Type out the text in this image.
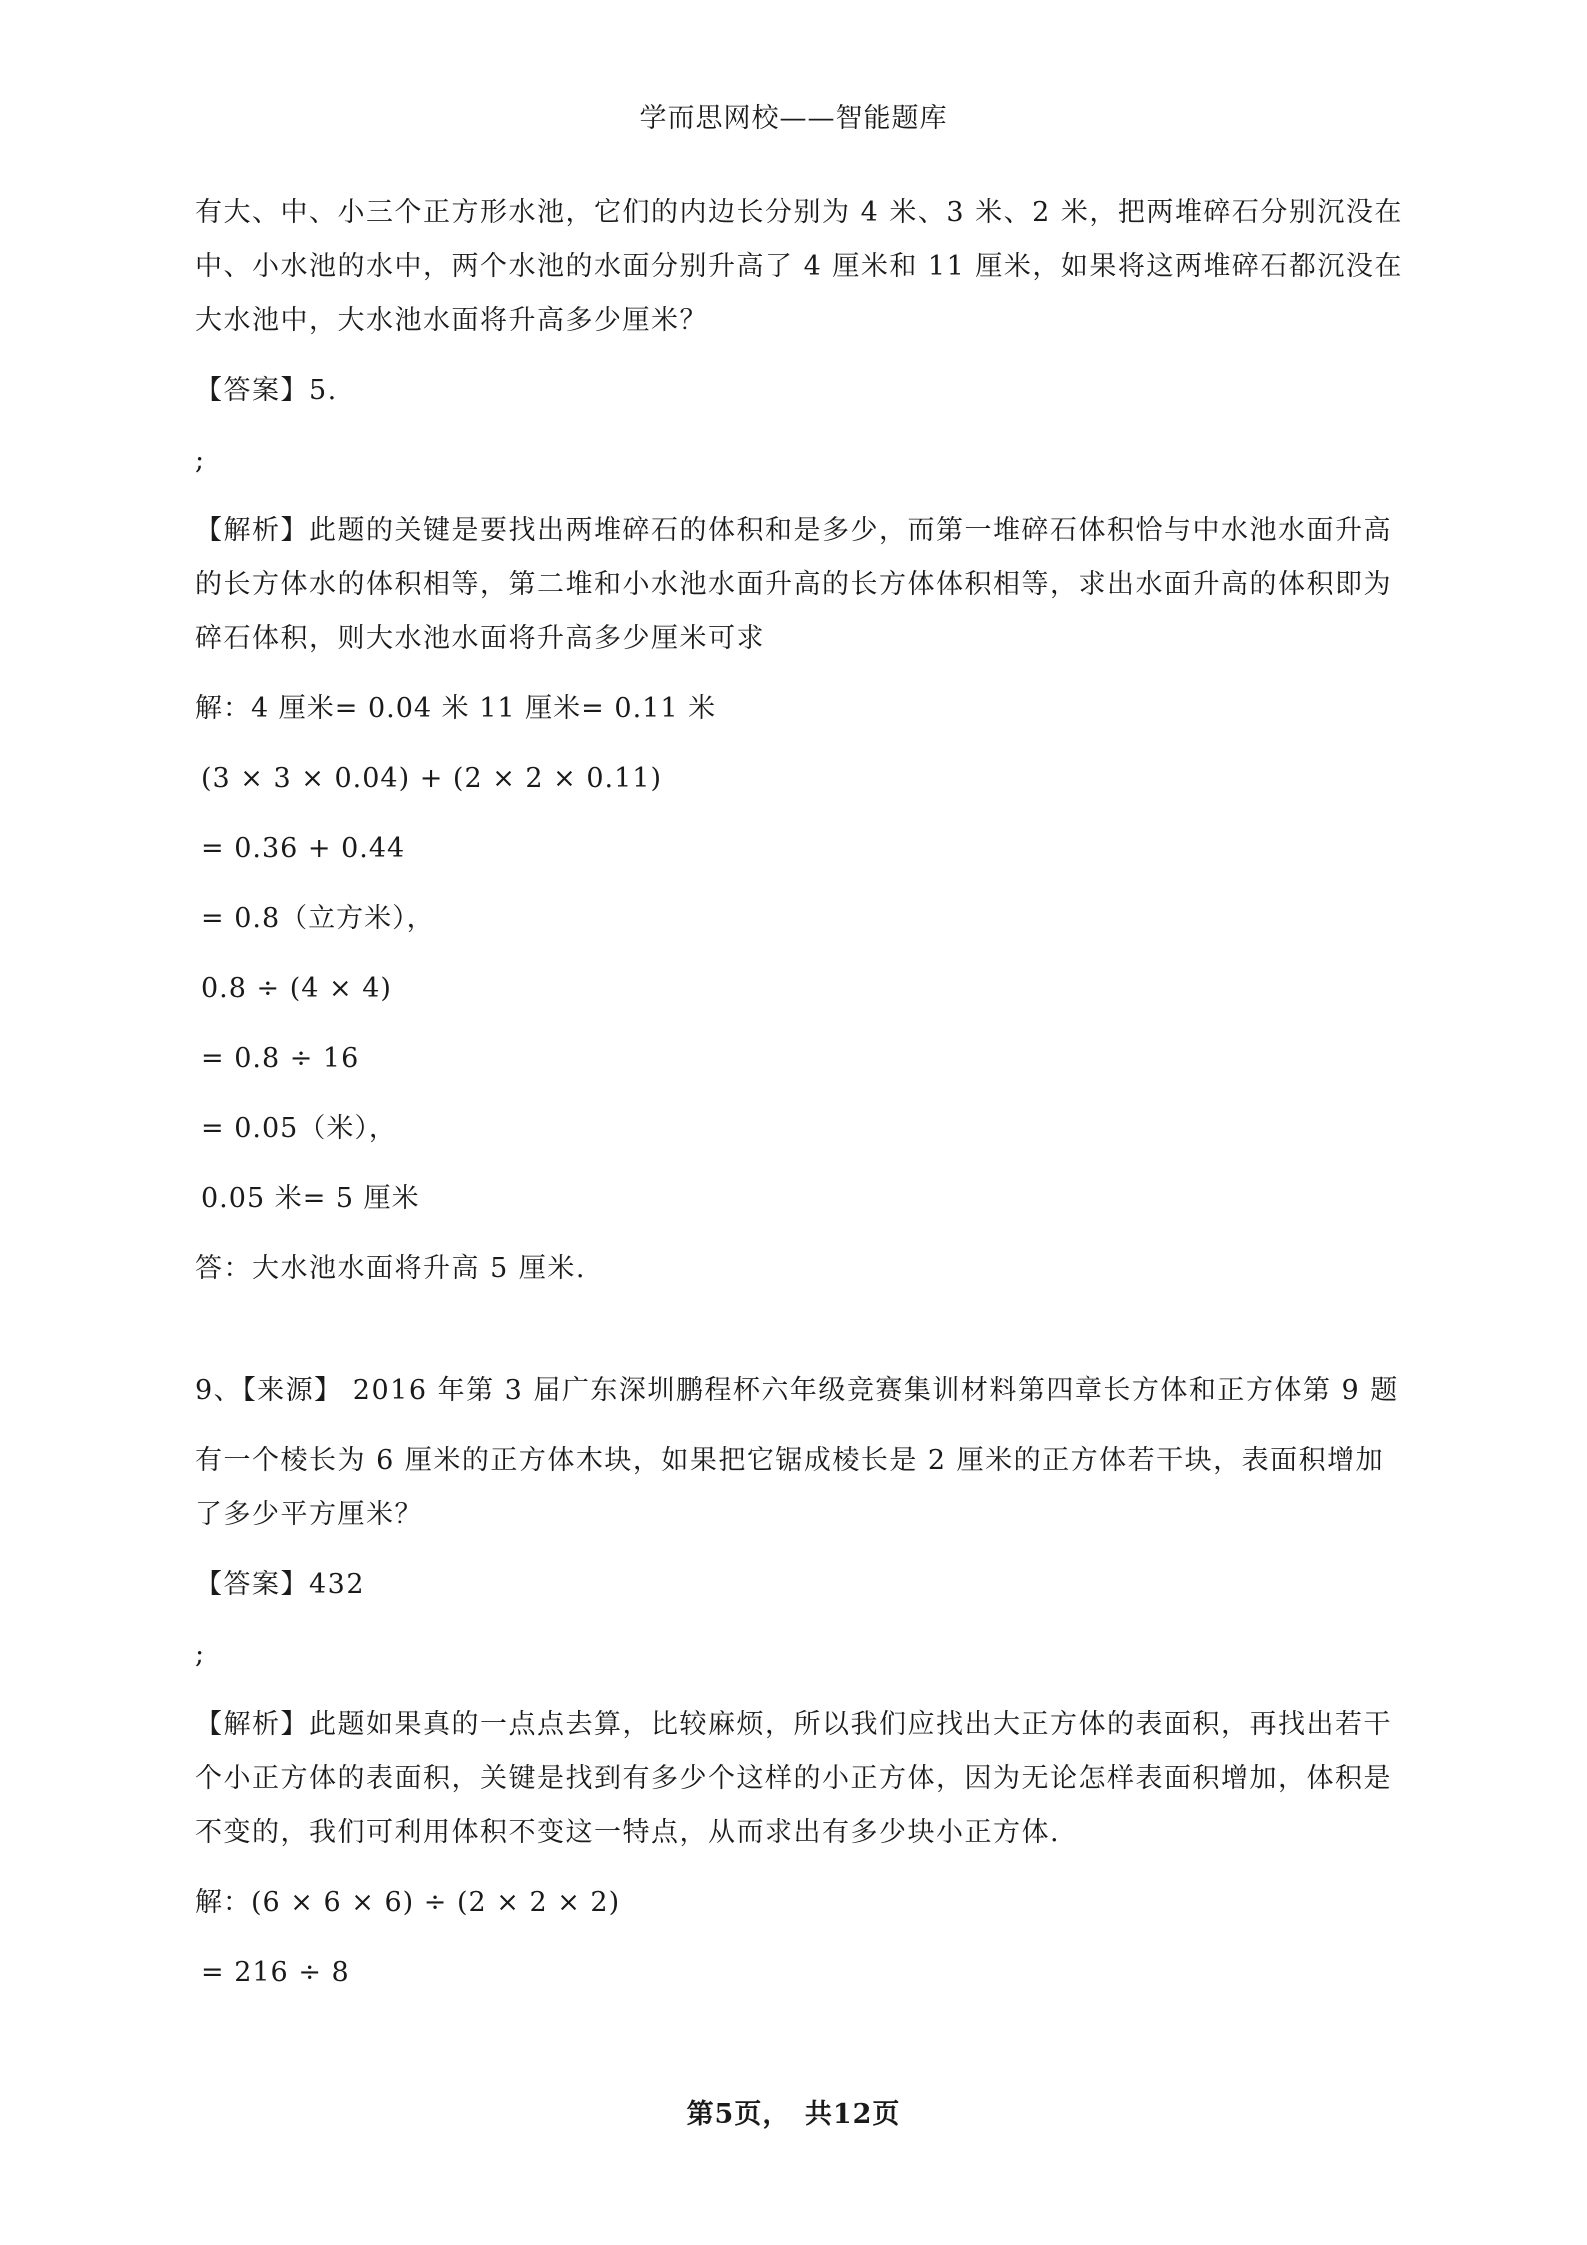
学而思网校——智能题库
有大、中、小三个正方形水池，它们的内边长分别为 4 米、3 米、2 米，把两堆碎石分别沉没在中、小水池的水中，两个水池的水面分别升高了 4 厘米和 11 厘米，如果将这两堆碎石都沉没在大水池中，大水池水面将升高多少厘米？
【答案】5.
;
【解析】此题的关键是要找出两堆碎石的体积和是多少，而第一堆碎石体积恰与中水池水面升高的长方体水的体积相等，第二堆和小水池水面升高的长方体体积相等，求出水面升高的体积即为碎石体积，则大水池水面将升高多少厘米可求
解：4 厘米= 0.04 米 11 厘米= 0.11 米
(3 × 3 × 0.04) + (2 × 2 × 0.11)
= 0.36 + 0.44
= 0.8（立方米），
0.8 ÷ (4 × 4)
= 0.8 ÷ 16
= 0.05（米），
0.05 米= 5 厘米
答：大水池水面将升高 5 厘米.
9、【来源】 2016 年第 3 届广东深圳鹏程杯六年级竞赛集训材料第四章长方体和正方体第 9 题
有一个棱长为 6 厘米的正方体木块，如果把它锯成棱长是 2 厘米的正方体若干块，表面积增加了多少平方厘米？
【答案】432
;
【解析】此题如果真的一点点去算，比较麻烦，所以我们应找出大正方体的表面积，再找出若干个小正方体的表面积，关键是找到有多少个这样的小正方体，因为无论怎样表面积增加，体积是不变的，我们可利用体积不变这一特点，从而求出有多少块小正方体.
解：(6 × 6 × 6) ÷ (2 × 2 × 2)
= 216 ÷ 8
第5页，　共12页
